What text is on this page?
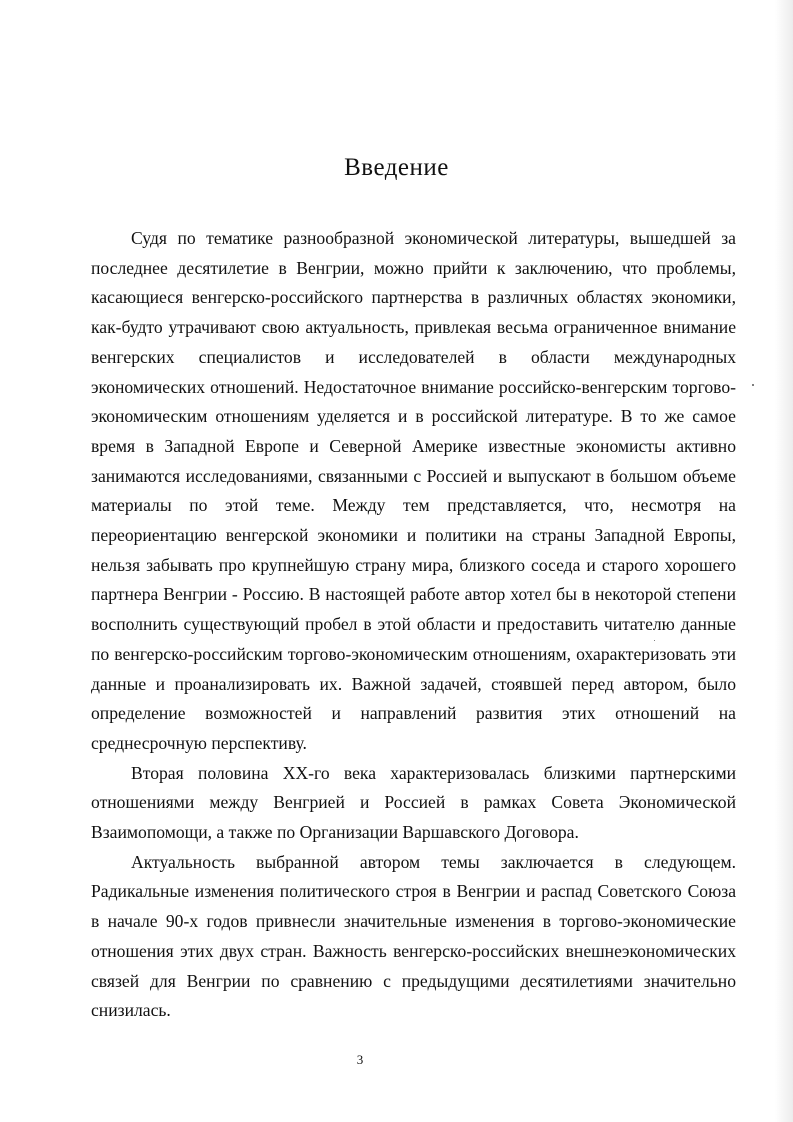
Введение

Судя по тематике разнообразной экономической литературы, вышедшей за последнее десятилетие в Венгрии, можно прийти к заключению, что проблемы, касающиеся венгерско-российского партнерства в различных областях экономики, как-будто утрачивают свою актуальность, привлекая весьма ограниченное внимание венгерских специалистов и исследователей в области международных экономических отношений. Недостаточное внимание российско-венгерским торгово-экономическим отношениям уделяется и в российской литературе. В то же самое время в Западной Европе и Северной Америке известные экономисты активно занимаются исследованиями, связанными с Россией и выпускают в большом объеме материалы по этой теме. Между тем представляется, что, несмотря на переориентацию венгерской экономики и политики на страны Западной Европы, нельзя забывать про крупнейшую страну мира, близкого соседа и старого хорошего партнера Венгрии - Россию. В настоящей работе автор хотел бы в некоторой степени восполнить существующий пробел в этой области и предоставить читателю данные по венгерско-российским торгово-экономическим отношениям, охарактеризовать эти данные и проанализировать их. Важной задачей, стоявшей перед автором, было определение возможностей и направлений развития этих отношений на среднесрочную перспективу.

Вторая половина XX-го века характеризовалась близкими партнерскими отношениями между Венгрией и Россией в рамках Совета Экономической Взаимопомощи, а также по Организации Варшавского Договора.

Актуальность выбранной автором темы заключается в следующем. Радикальные изменения политического строя в Венгрии и распад Советского Союза в начале 90-х годов привнесли значительные изменения в торгово-экономические отношения этих двух стран. Важность венгерско-российских внешнеэкономических связей для Венгрии по сравнению с предыдущими десятилетиями значительно снизилась.

3
